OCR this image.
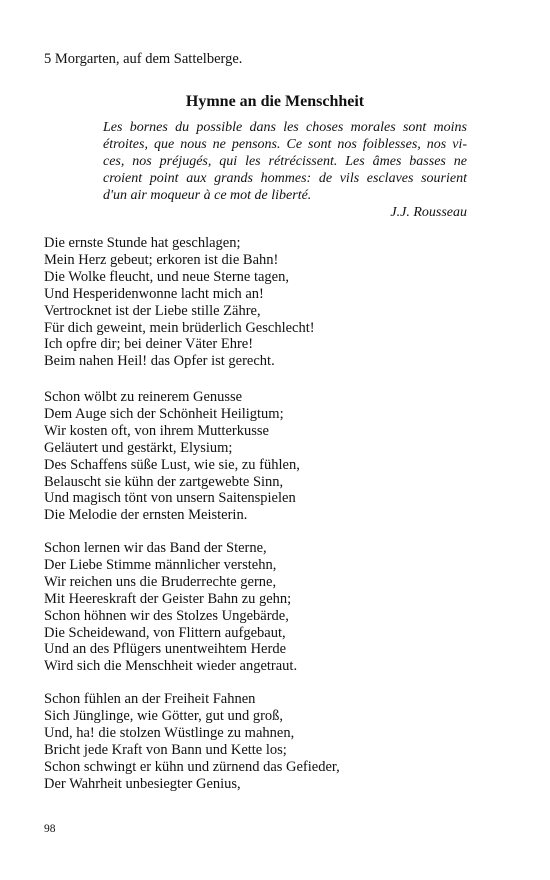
5 Morgarten, auf dem Sattelberge.
Hymne an die Menschheit
Les bornes du possible dans les choses morales sont moins
étroites, que nous ne pensons. Ce sont nos foiblesses, nos vi-
ces, nos préjugés, qui les rétrécissent. Les âmes basses ne
croient point aux grands hommes: de vils esclaves sourient
d'un air moqueur à ce mot de liberté.
J.J. Rousseau
Die ernste Stunde hat geschlagen;
Mein Herz gebeut; erkoren ist die Bahn!
Die Wolke fleucht, und neue Sterne tagen,
Und Hesperidenwonne lacht mich an!
Vertrocknet ist der Liebe stille Zähre,
Für dich geweint, mein brüderlich Geschlecht!
Ich opfre dir; bei deiner Väter Ehre!
Beim nahen Heil! das Opfer ist gerecht.
Schon wölbt zu reinerem Genusse
Dem Auge sich der Schönheit Heiligtum;
Wir kosten oft, von ihrem Mutterkusse
Geläutert und gestärkt, Elysium;
Des Schaffens süße Lust, wie sie, zu fühlen,
Belauscht sie kühn der zartgewebte Sinn,
Und magisch tönt von unsern Saitenspielen
Die Melodie der ernsten Meisterin.
Schon lernen wir das Band der Sterne,
Der Liebe Stimme männlicher verstehn,
Wir reichen uns die Bruderrechte gerne,
Mit Heereskraft der Geister Bahn zu gehn;
Schon höhnen wir des Stolzes Ungebärde,
Die Scheidewand, von Flittern aufgebaut,
Und an des Pflügers unentweihtem Herde
Wird sich die Menschheit wieder angetraut.
Schon fühlen an der Freiheit Fahnen
Sich Jünglinge, wie Götter, gut und groß,
Und, ha! die stolzen Wüstlinge zu mahnen,
Bricht jede Kraft von Bann und Kette los;
Schon schwingt er kühn und zürnend das Gefieder,
Der Wahrheit unbesiegter Genius,
98
